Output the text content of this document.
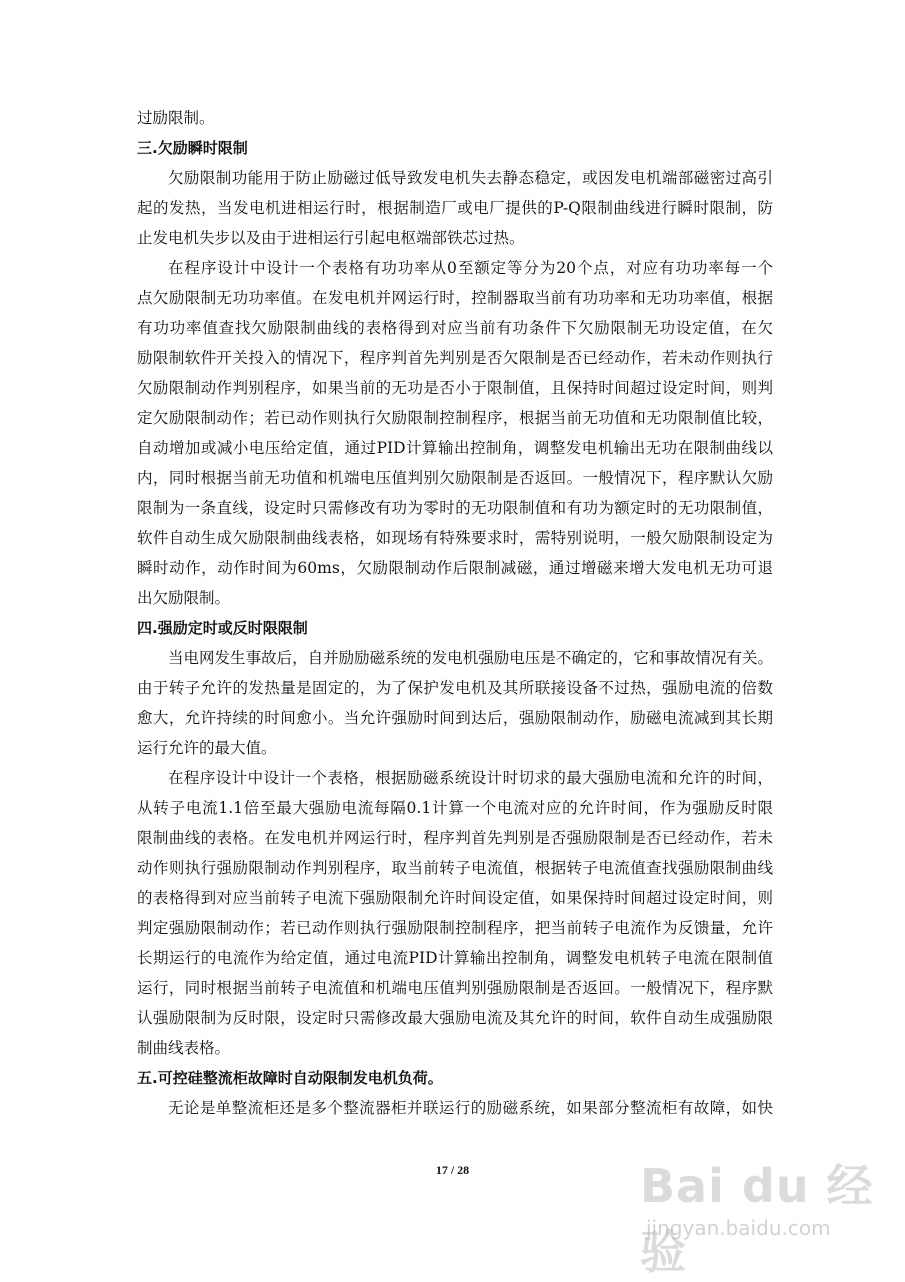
过励限制。
三.欠励瞬时限制
欠励限制功能用于防止励磁过低导致发电机失去静态稳定，或因发电机端部磁密过高引
起的发热，当发电机进相运行时，根据制造厂或电厂提供的P-Q限制曲线进行瞬时限制，防
止发电机失步以及由于进相运行引起电枢端部铁芯过热。
在程序设计中设计一个表格有功功率从0至额定等分为20个点，对应有功功率每一个
点欠励限制无功功率值。在发电机并网运行时，控制器取当前有功功率和无功功率值，根据
有功功率值查找欠励限制曲线的表格得到对应当前有功条件下欠励限制无功设定值，在欠
励限制软件开关投入的情况下，程序判首先判别是否欠限制是否已经动作，若未动作则执行
欠励限制动作判别程序，如果当前的无功是否小于限制值，且保持时间超过设定时间，则判
定欠励限制动作；若已动作则执行欠励限制控制程序，根据当前无功值和无功限制值比较，
自动增加或减小电压给定值，通过PID计算输出控制角，调整发电机输出无功在限制曲线以
内，同时根据当前无功值和机端电压值判别欠励限制是否返回。一般情况下，程序默认欠励
限制为一条直线，设定时只需修改有功为零时的无功限制值和有功为额定时的无功限制值，
软件自动生成欠励限制曲线表格，如现场有特殊要求时，需特别说明，一般欠励限制设定为
瞬时动作，动作时间为60ms，欠励限制动作后限制减磁，通过增磁来增大发电机无功可退
出欠励限制。
四.强励定时或反时限限制
当电网发生事故后，自并励励磁系统的发电机强励电压是不确定的，它和事故情况有关。
由于转子允许的发热量是固定的，为了保护发电机及其所联接设备不过热，强励电流的倍数
愈大，允许持续的时间愈小。当允许强励时间到达后，强励限制动作，励磁电流减到其长期
运行允许的最大值。
在程序设计中设计一个表格，根据励磁系统设计时切求的最大强励电流和允许的时间，
从转子电流1.1倍至最大强励电流每隔0.1计算一个电流对应的允许时间，作为强励反时限
限制曲线的表格。在发电机并网运行时，程序判首先判别是否强励限制是否已经动作，若未
动作则执行强励限制动作判别程序，取当前转子电流值，根据转子电流值查找强励限制曲线
的表格得到对应当前转子电流下强励限制允许时间设定值，如果保持时间超过设定时间，则
判定强励限制动作；若已动作则执行强励限制控制程序，把当前转子电流作为反馈量，允许
长期运行的电流作为给定值，通过电流PID计算输出控制角，调整发电机转子电流在限制值
运行，同时根据当前转子电流值和机端电压值判别强励限制是否返回。一般情况下，程序默
认强励限制为反时限，设定时只需修改最大强励电流及其允许的时间，软件自动生成强励限
制曲线表格。
五.可控硅整流柜故障时自动限制发电机负荷。
无论是单整流柜还是多个整流器柜并联运行的励磁系统，如果部分整流柜有故障，如快
17 / 28	Bai du 经验
jingyan.baidu.com
